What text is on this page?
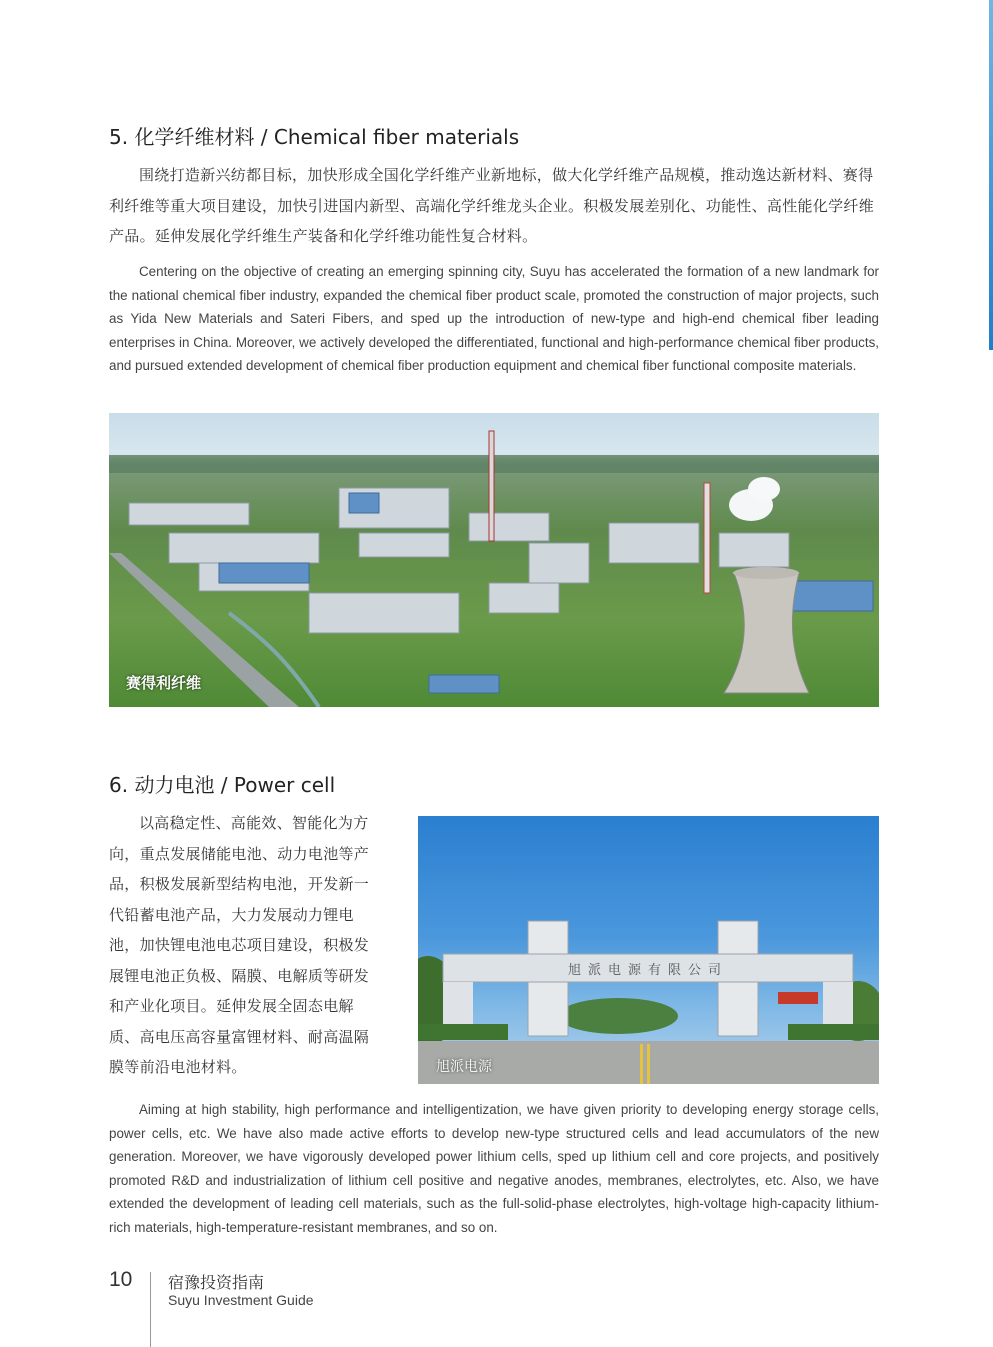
5. 化学纤维材料 / Chemical fiber materials

围绕打造新兴纺都目标，加快形成全国化学纤维产业新地标，做大化学纤维产品规模，推动逸达新材料、赛得利纤维等重大项目建设，加快引进国内新型、高端化学纤维龙头企业。积极发展差别化、功能性、高性能化学纤维产品。延伸发展化学纤维生产装备和化学纤维功能性复合材料。

Centering on the objective of creating an emerging spinning city, Suyu has accelerated the formation of a new landmark for the national chemical fiber industry, expanded the chemical fiber product scale, promoted the construction of major projects, such as Yida New Materials and Sateri Fibers, and sped up the introduction of new-type and high-end chemical fiber leading enterprises in China. Moreover, we actively developed the differentiated, functional and high-performance chemical fiber products, and pursued extended development of chemical fiber production equipment and chemical fiber functional composite materials.

赛得利纤维
6. 动力电池 / Power cell

以高稳定性、高能效、智能化为方向，重点发展储能电池、动力电池等产品，积极发展新型结构电池，开发新一代铅蓄电池产品，大力发展动力锂电池，加快锂电池电芯项目建设，积极发展锂电池正负极、隔膜、电解质等研发和产业化项目。延伸发展全固态电解质、高电压高容量富锂材料、耐高温隔膜等前沿电池材料。

旭派电源有限公司
旭派电源

Aiming at high stability, high performance and intelligentization, we have given priority to developing energy storage cells, power cells, etc. We have also made active efforts to develop new-type structured cells and lead accumulators of the new generation. Moreover, we have vigorously developed power lithium cells, sped up lithium cell and core projects, and positively promoted R&D and industrialization of lithium cell positive and negative anodes, membranes, electrolytes, etc. Also, we have extended the development of leading cell materials, such as the full-solid-phase electrolytes, high-voltage high-capacity lithium-rich materials, high-temperature-resistant membranes, and so on.

10 宿豫投资指南
Suyu Investment Guide
